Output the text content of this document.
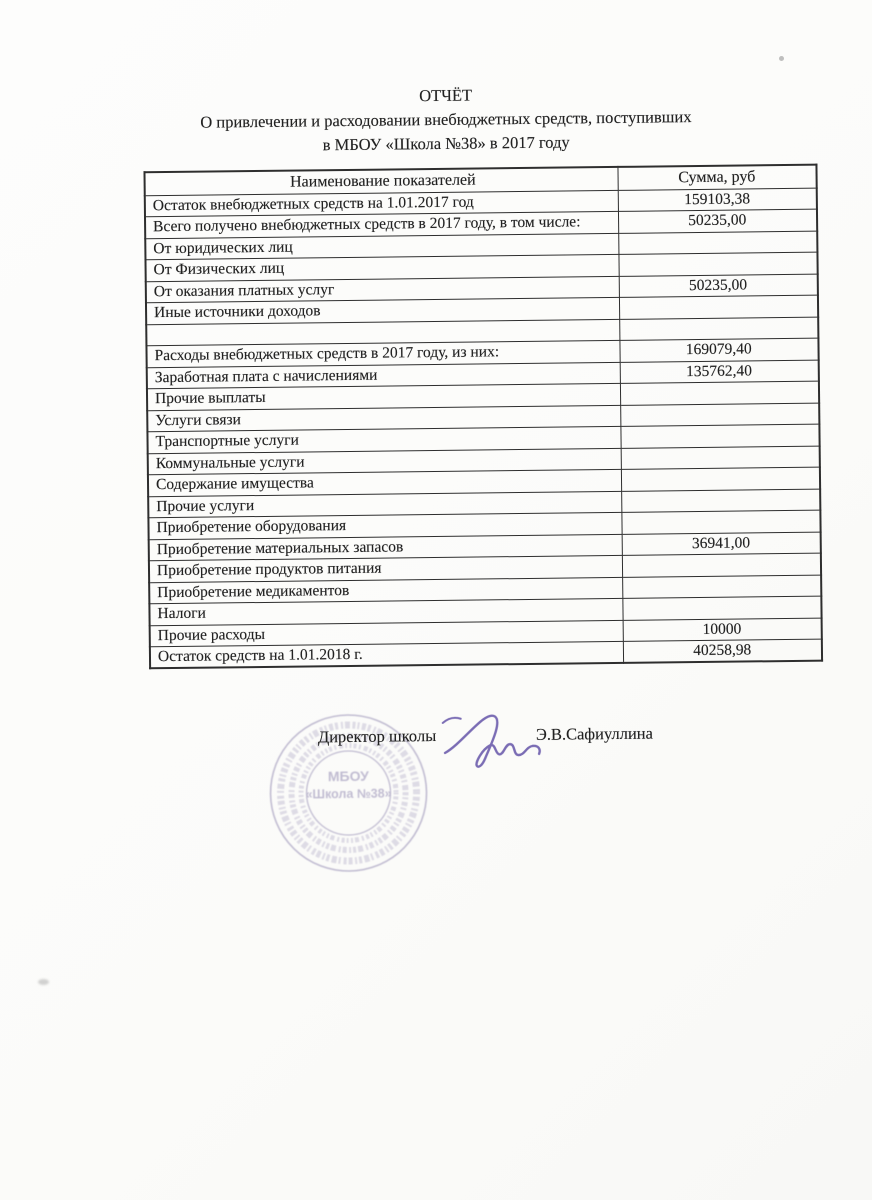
ОТЧЁТ
О привлечении и расходовании внебюджетных средств, поступивших
в МБОУ «Школа №38» в 2017 году
Наименование показателей	Сумма, руб
Остаток внебюджетных средств на 1.01.2017 год	159103,38
Всего получено внебюджетных средств в 2017 году, в том числе:	50235,00
От юридических лиц	
От Физических лиц	
От оказания платных услуг	50235,00
Иные источники доходов	

Расходы внебюджетных средств в 2017 году, из них:	169079,40
Заработная плата с начислениями	135762,40
Прочие выплаты	
Услуги связи	
Транспортные услуги	
Коммунальные услуги	
Содержание имущества	
Прочие услуги	
Приобретение оборудования	
Приобретение материальных запасов	36941,00
Приобретение продуктов питания	
Приобретение медикаментов	
Налоги	
Прочие расходы	10000
Остаток средств на 1.01.2018 г.	40258,98
МБОУ
«Школа №38»
Директор школы	Э.В.Сафиуллина
